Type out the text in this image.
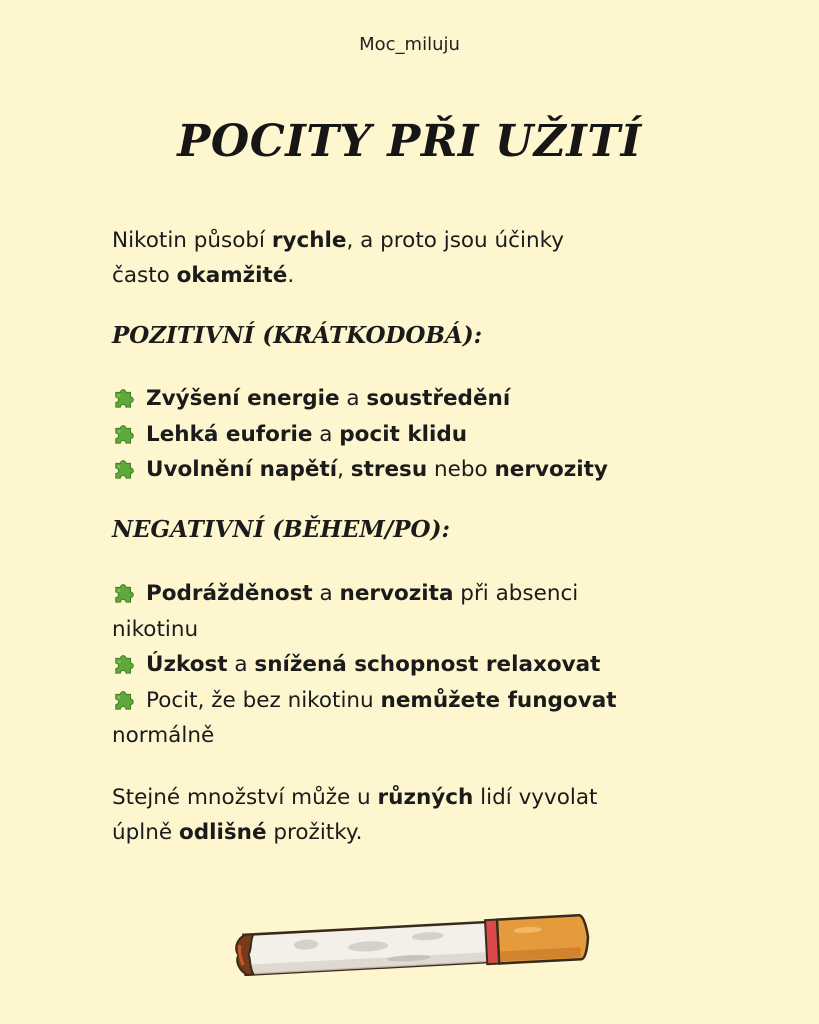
Moc_miluju
POCITY PŘI UŽITÍ
Nikotin působí rychle, a proto jsou účinky
často okamžité.
POZITIVNÍ (KRÁTKODOBÁ):
Zvýšení energie a soustředění
Lehká euforie a pocit klidu
Uvolnění napětí, stresu nebo nervozity
NEGATIVNÍ (BĚHEM/PO):
Podrážděnost a nervozita při absenci
nikotinu
Úzkost a snížená schopnost relaxovat
Pocit, že bez nikotinu nemůžete fungovat
normálně
Stejné množství může u různých lidí vyvolat
úplně odlišné prožitky.
